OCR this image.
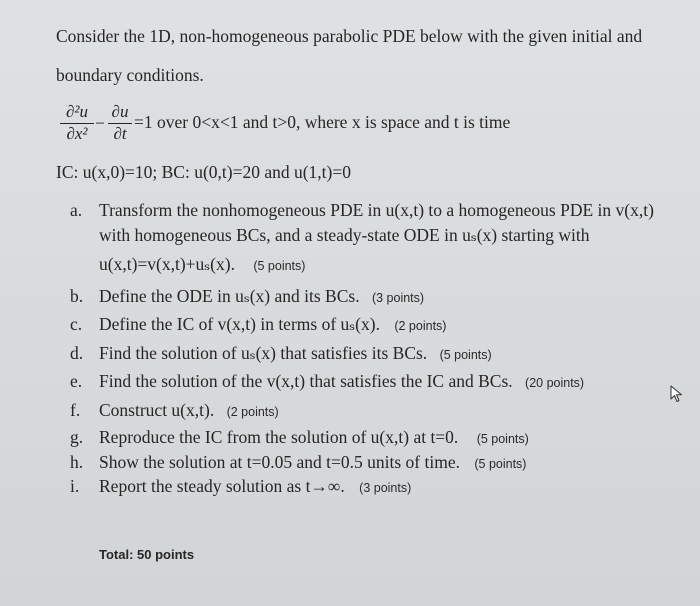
Consider the 1D, non-homogeneous parabolic PDE below with the given initial and
boundary conditions.
∂²u
∂x²
−
∂u
∂t
=1 over 0<x<1 and t>0, where x is space and t is time
IC: u(x,0)=10; BC: u(0,t)=20 and u(1,t)=0
a. Transform the nonhomogeneous PDE in u(x,t) to a homogeneous PDE in v(x,t)
with homogeneous BCs, and a steady-state ODE in uₛ(x) starting with
u(x,t)=v(x,t)+uₛ(x). (5 points)
b. Define the ODE in uₛ(x) and its BCs. (3 points)
c. Define the IC of v(x,t) in terms of uₛ(x). (2 points)
d. Find the solution of uₛ(x) that satisfies its BCs. (5 points)
e. Find the solution of the v(x,t) that satisfies the IC and BCs. (20 points)
f. Construct u(x,t). (2 points)
g. Reproduce the IC from the solution of u(x,t) at t=0. (5 points)
h. Show the solution at t=0.05 and t=0.5 units of time. (5 points)
i. Report the steady solution as t→∞. (3 points)
Total: 50 points
